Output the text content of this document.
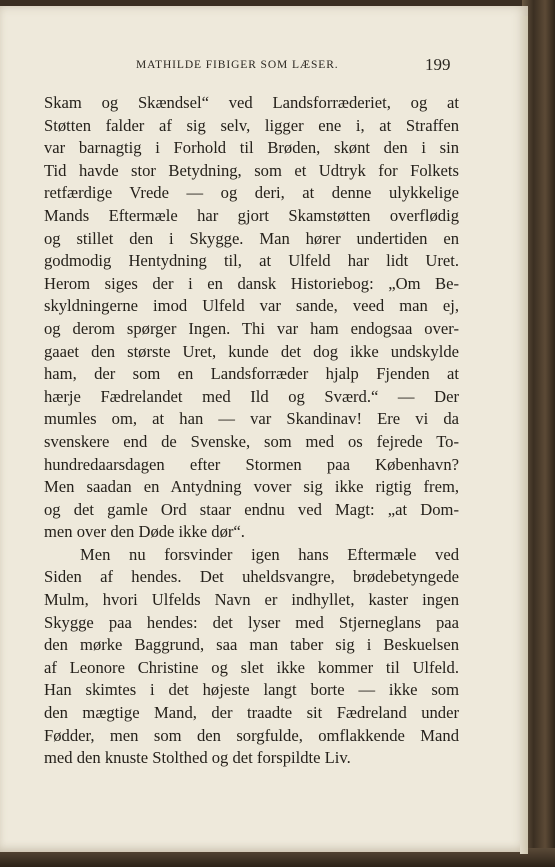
MATHILDE FIBIGER SOM LÆSER.	199
Skam og Skændsel“ ved Landsforræderiet, og at
Støtten falder af sig selv, ligger ene i, at Straffen
var barnagtig i Forhold til Brøden, skønt den i sin
Tid havde stor Betydning, som et Udtryk for Folkets
retfærdige Vrede — og deri, at denne ulykkelige
Mands Eftermæle har gjort Skamstøtten overflødig
og stillet den i Skygge. Man hører undertiden en
godmodig Hentydning til, at Ulfeld har lidt Uret.
Herom siges der i en dansk Historiebog: „Om Be-
skyldningerne imod Ulfeld var sande, veed man ej,
og derom spørger Ingen. Thi var ham endogsaa over-
gaaet den største Uret, kunde det dog ikke undskylde
ham, der som en Landsforræder hjalp Fjenden at
hærje Fædrelandet med Ild og Sværd.“ — Der
mumles om, at han — var Skandinav! Ere vi da
svenskere end de Svenske, som med os fejrede To-
hundredaarsdagen efter Stormen paa København?
Men saadan en Antydning vover sig ikke rigtig frem,
og det gamle Ord staar endnu ved Magt: „at Dom-
men over den Døde ikke dør“.
Men nu forsvinder igen hans Eftermæle ved
Siden af hendes. Det uheldsvangre, brødebetyngede
Mulm, hvori Ulfelds Navn er indhyllet, kaster ingen
Skygge paa hendes: det lyser med Stjerneglans paa
den mørke Baggrund, saa man taber sig i Beskuelsen
af Leonore Christine og slet ikke kommer til Ulfeld.
Han skimtes i det højeste langt borte — ikke som
den mægtige Mand, der traadte sit Fædreland under
Fødder, men som den sorgfulde, omflakkende Mand
med den knuste Stolthed og det forspildte Liv.
